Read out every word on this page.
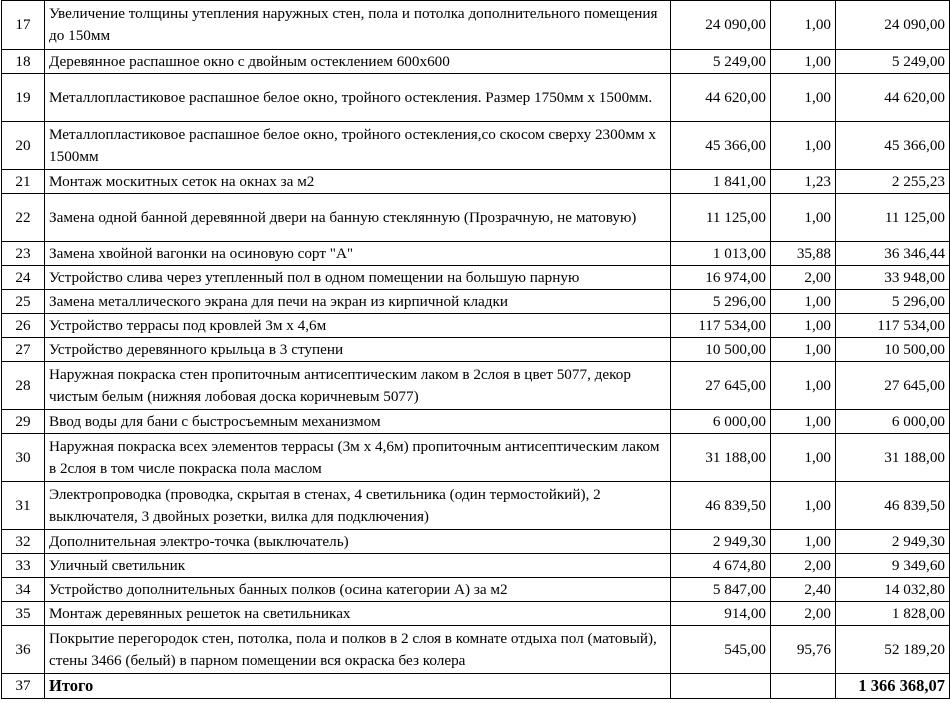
17	Увеличение толщины утепления наружных стен, пола и потолка дополнительного помещения до 150мм	24 090,00	1,00	24 090,00
18	Деревянное распашное окно с двойным остеклением 600х600	5 249,00	1,00	5 249,00
19	Металлопластиковое распашное белое окно, тройного остекления. Размер 1750мм х 1500мм.	44 620,00	1,00	44 620,00
20	Металлопластиковое распашное белое окно, тройного остекления,со скосом сверху 2300мм х 1500мм	45 366,00	1,00	45 366,00
21	Монтаж москитных сеток на окнах за м2	1 841,00	1,23	2 255,23
22	Замена одной банной деревянной двери на банную стеклянную (Прозрачную, не матовую)	11 125,00	1,00	11 125,00
23	Замена хвойной вагонки на осиновую сорт "А"	1 013,00	35,88	36 346,44
24	Устройство слива через утепленный пол в одном помещении на большую парную	16 974,00	2,00	33 948,00
25	Замена металлического экрана для печи на экран из кирпичной кладки	5 296,00	1,00	5 296,00
26	Устройство террасы под кровлей 3м х 4,6м	117 534,00	1,00	117 534,00
27	Устройство деревянного крыльца в 3 ступени	10 500,00	1,00	10 500,00
28	Наружная покраска стен пропиточным антисептическим лаком в 2слоя в цвет 5077, декор чистым белым (нижняя лобовая доска коричневым 5077)	27 645,00	1,00	27 645,00
29	Ввод воды для бани с быстросъемным механизмом	6 000,00	1,00	6 000,00
30	Наружная покраска всех элементов террасы (3м х 4,6м) пропиточным антисептическим лаком в 2слоя в том числе покраска пола маслом	31 188,00	1,00	31 188,00
31	Электропроводка (проводка, скрытая в стенах, 4 светильника (один термостойкий), 2 выключателя, 3 двойных розетки, вилка для подключения)	46 839,50	1,00	46 839,50
32	Дополнительная электро-точка (выключатель)	2 949,30	1,00	2 949,30
33	Уличный светильник	4 674,80	2,00	9 349,60
34	Устройство дополнительных банных полков (осина категории А) за м2	5 847,00	2,40	14 032,80
35	Монтаж деревянных решеток на светильниках	914,00	2,00	1 828,00
36	Покрытие перегородок стен, потолка, пола и полков в 2 слоя в комнате отдыха пол (матовый), стены 3466 (белый) в парном помещении вся окраска без колера	545,00	95,76	52 189,20
37	Итого			1 366 368,07
